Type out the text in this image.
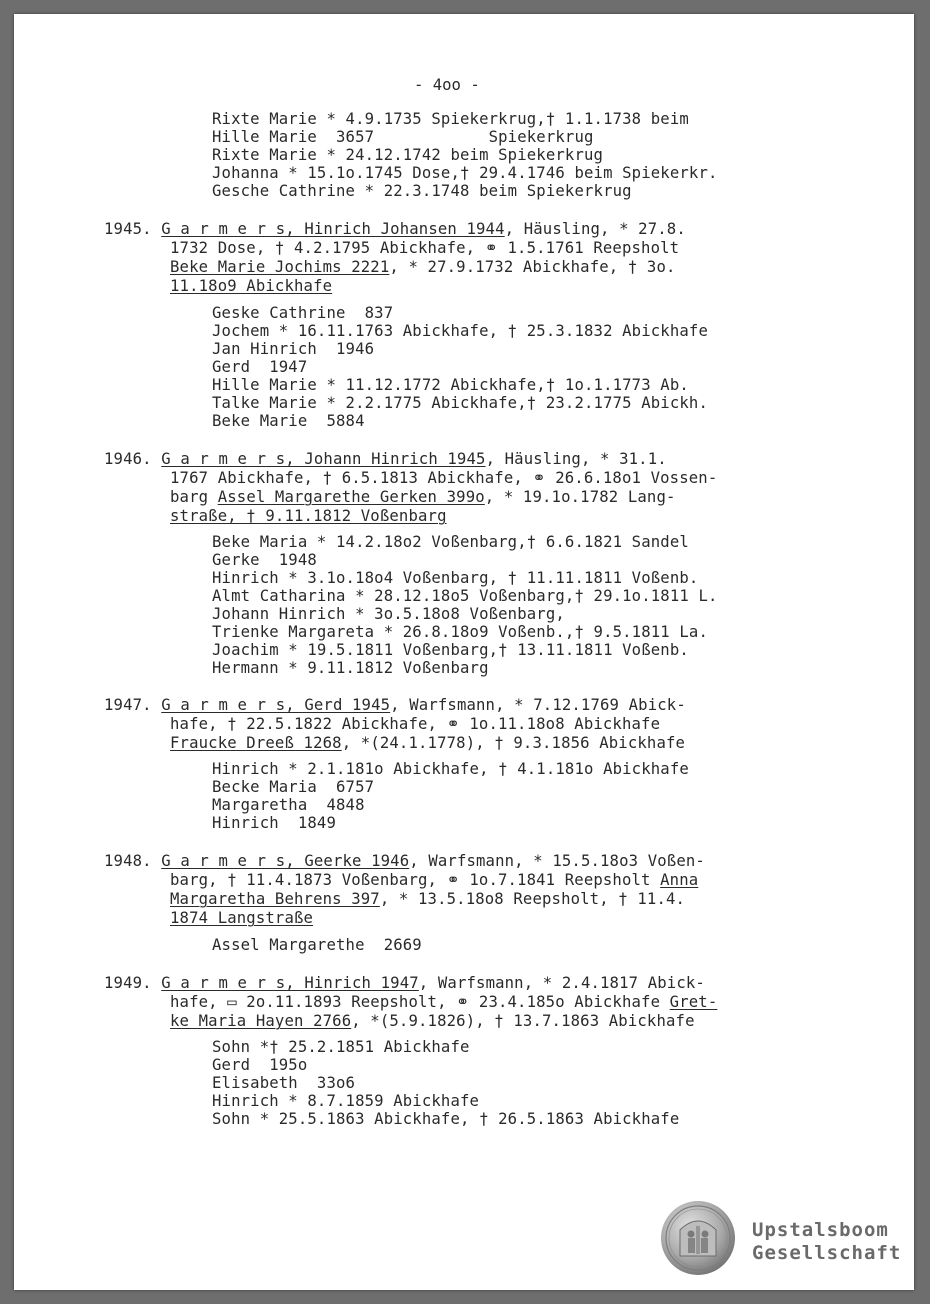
- 4oo -
Rixte Marie * 4.9.1735 Spiekerkrug,† 1.1.1738 beim
Hille Marie  3657            Spiekerkrug
Rixte Marie * 24.12.1742 beim Spiekerkrug
Johanna * 15.1o.1745 Dose,† 29.4.1746 beim Spiekerkr.
Gesche Cathrine * 22.3.1748 beim Spiekerkrug
1945. G a r m e r s, Hinrich Johansen 1944, Häusling, * 27.8.
1732 Dose, † 4.2.1795 Abickhafe, ⚭ 1.5.1761 Reepsholt
Beke Marie Jochims 2221, * 27.9.1732 Abickhafe, † 3o.
11.18o9 Abickhafe
Geske Cathrine  837
Jochem * 16.11.1763 Abickhafe, † 25.3.1832 Abickhafe
Jan Hinrich  1946
Gerd  1947
Hille Marie * 11.12.1772 Abickhafe,† 1o.1.1773 Ab.
Talke Marie * 2.2.1775 Abickhafe,† 23.2.1775 Abickh.
Beke Marie  5884
1946. G a r m e r s, Johann Hinrich 1945, Häusling, * 31.1.
1767 Abickhafe, † 6.5.1813 Abickhafe, ⚭ 26.6.18o1 Vossen-
barg Assel Margarethe Gerken 399o, * 19.1o.1782 Lang-
straße, † 9.11.1812 Voßenbarg
Beke Maria * 14.2.18o2 Voßenbarg,† 6.6.1821 Sandel
Gerke  1948
Hinrich * 3.1o.18o4 Voßenbarg, † 11.11.1811 Voßenb.
Almt Catharina * 28.12.18o5 Voßenbarg,† 29.1o.1811 L.
Johann Hinrich * 3o.5.18o8 Voßenbarg,
Trienke Margareta * 26.8.18o9 Voßenb.,† 9.5.1811 La.
Joachim * 19.5.1811 Voßenbarg,† 13.11.1811 Voßenb.
Hermann * 9.11.1812 Voßenbarg
1947. G a r m e r s, Gerd 1945, Warfsmann, * 7.12.1769 Abick-
hafe, † 22.5.1822 Abickhafe, ⚭ 1o.11.18o8 Abickhafe
Fraucke Dreeß 1268, *(24.1.1778), † 9.3.1856 Abickhafe
Hinrich * 2.1.181o Abickhafe, † 4.1.181o Abickhafe
Becke Maria  6757
Margaretha  4848
Hinrich  1849
1948. G a r m e r s, Geerke 1946, Warfsmann, * 15.5.18o3 Voßen-
barg, † 11.4.1873 Voßenbarg, ⚭ 1o.7.1841 Reepsholt Anna
Margaretha Behrens 397, * 13.5.18o8 Reepsholt, † 11.4.
1874 Langstraße
Assel Margarethe  2669
1949. G a r m e r s, Hinrich 1947, Warfsmann, * 2.4.1817 Abick-
hafe, ▭ 2o.11.1893 Reepsholt, ⚭ 23.4.185o Abickhafe Gret-
ke Maria Hayen 2766, *(5.9.1826), † 13.7.1863 Abickhafe
Sohn *† 25.2.1851 Abickhafe
Gerd  195o
Elisabeth  33o6
Hinrich * 8.7.1859 Abickhafe
Sohn * 25.5.1863 Abickhafe, † 26.5.1863 Abickhafe
Upstalsboom
Gesellschaft
